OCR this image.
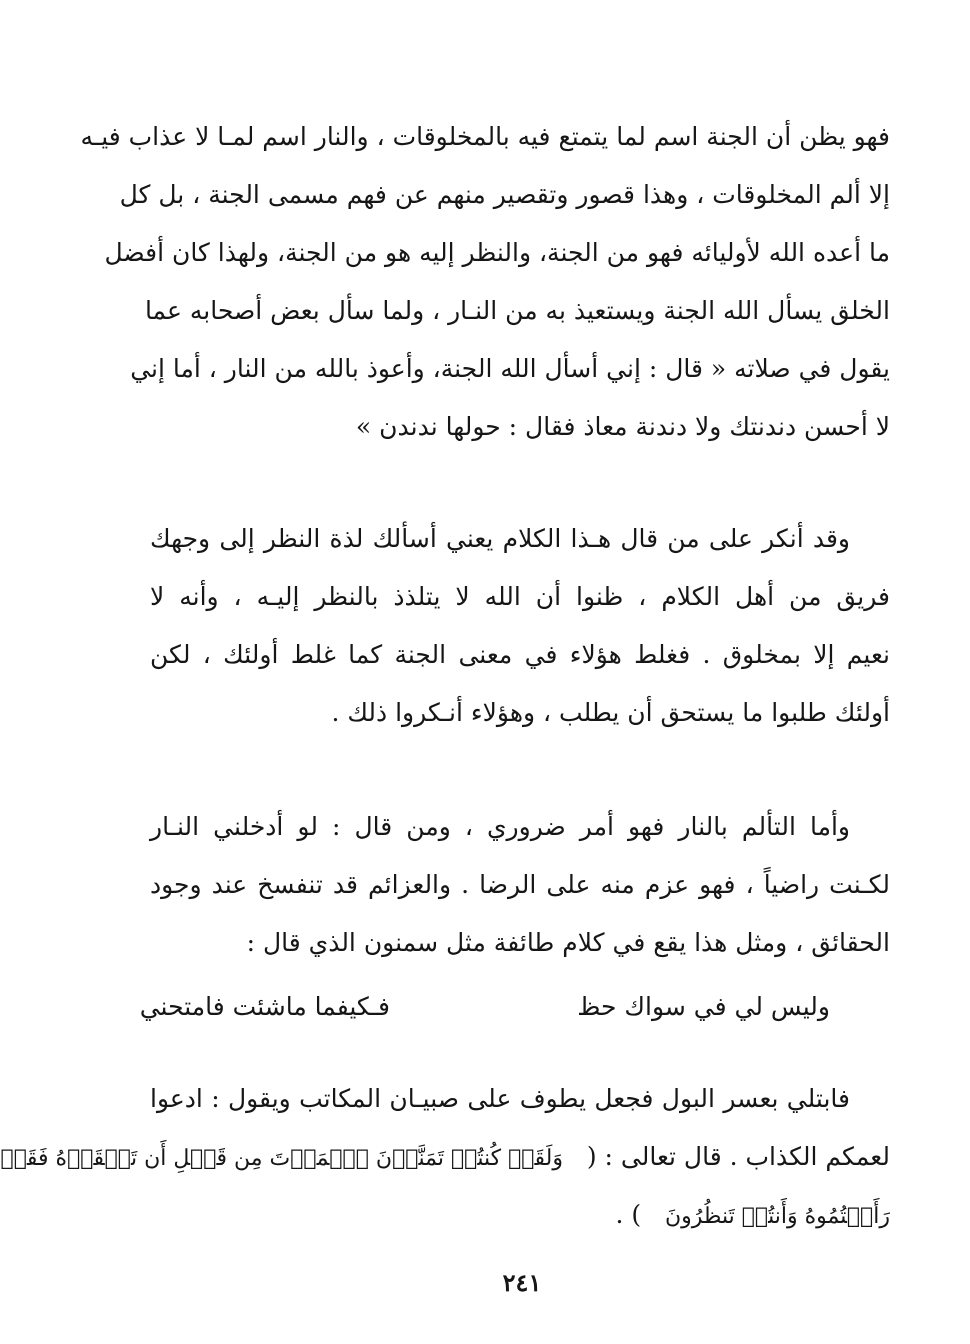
فهو يظن أن الجنة اسم لما يتمتع فيه بالمخلوقات ، والنار اسم لمـا لا عذاب فيـه
إلا ألم المخلوقات ، وهذا قصور وتقصير منهم عن فهم مسمى الجنة ، بل كل
ما أعده الله لأوليائه فهو من الجنة، والنظر إليه هو من الجنة، ولهذا كان أفضل
الخلق يسأل الله الجنة ويستعيذ به من النـار ، ولما سأل بعض أصحابه عما
يقول في صلاته « قال : إني أسأل الله الجنة، وأعوذ بالله من النار ، أما إني
لا أحسن دندنتك ولا دندنة معاذ فقال : حولها ندندن »
وقد أنكر على من قال هـذا الكلام يعني أسألك لذة النظر إلى وجهك
فريق من أهل الكلام ، ظنوا أن الله لا يتلذذ بالنظر إليـه ، وأنه لا
نعيم إلا بمخلوق . فغلط هؤلاء في معنى الجنة كما غلط أولئك ، لكن
أولئك طلبوا ما يستحق أن يطلب ، وهؤلاء أنـكروا ذلك .
وأما التألم بالنار فهو أمر ضروري ، ومن قال : لو أدخلني النـار
لكـنت راضياً ، فهو عزم منه على الرضا . والعزائم قد تنفسخ عند وجود
الحقائق ، ومثل هذا يقع في كلام طائفة مثل سمنون الذي قال :
وليس لي في سواك حظ
فـكيفما ماشئت فامتحني
فابتلي بعسر البول فجعل يطوف على صبيـان المكاتب ويقول : ادعوا
لعمكم الكذاب . قال تعالى : (   وَلَقَدۡ كُنتُمۡ تَمَنَّوۡنَ ٱلۡمَوۡتَ مِن قَبۡلِ أَن تَلۡقَوۡهُ فَقَدۡ
رَأَيۡتُمُوهُ وَأَنتُمۡ تَنظُرُونَ   ) .
٢٤١
